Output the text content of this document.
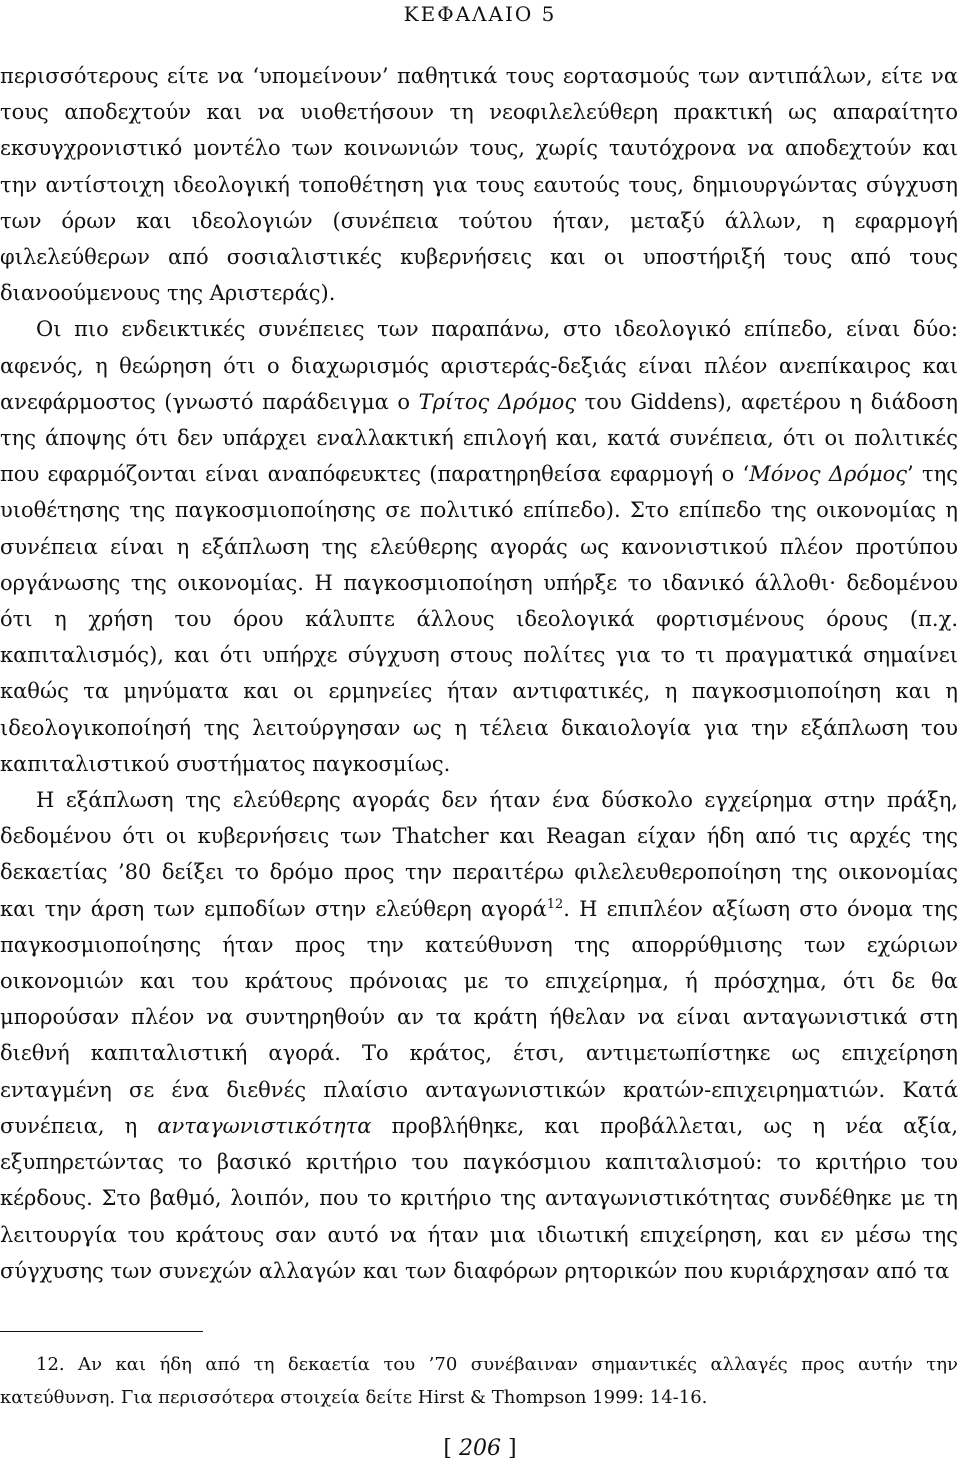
ΚΕΦΑΛΑΙΟ 5

περισσότερους είτε να ‘υπομείνουν’ παθητικά τους εορτασμούς των αντιπάλων, είτε να τους αποδεχτούν και να υιοθετήσουν τη νεοφιλελεύθερη πρακτική ως απαραίτητο εκσυγχρονιστικό μοντέλο των κοινωνιών τους, χωρίς ταυτόχρονα να αποδεχτούν και την αντίστοιχη ιδεολογική τοποθέτηση για τους εαυτούς τους, δημιουργώντας σύγχυση των όρων και ιδεολογιών (συνέπεια τούτου ήταν, μεταξύ άλλων, η εφαρμογή φιλελεύθερων από σοσιαλιστικές κυβερνήσεις και οι υποστήριξή τους από τους διανοούμενους της Αριστεράς).

Οι πιο ενδεικτικές συνέπειες των παραπάνω, στο ιδεολογικό επίπεδο, είναι δύο: αφενός, η θεώρηση ότι ο διαχωρισμός αριστεράς-δεξιάς είναι πλέον ανεπίκαιρος και ανεφάρμοστος (γνωστό παράδειγμα ο Τρίτος Δρόμος του Giddens), αφετέρου η διάδοση της άποψης ότι δεν υπάρχει εναλλακτική επιλογή και, κατά συνέπεια, ότι οι πολιτικές που εφαρμόζονται είναι αναπόφευκτες (παρατηρηθείσα εφαρμογή ο ‘Μόνος Δρόμος’ της υιοθέτησης της παγκοσμιοποίησης σε πολιτικό επίπεδο). Στο επίπεδο της οικονομίας η συνέπεια είναι η εξάπλωση της ελεύθερης αγοράς ως κανονιστικού πλέον προτύπου οργάνωσης της οικονομίας. Η παγκοσμιοποίηση υπήρξε το ιδανικό άλλοθι· δεδομένου ότι η χρήση του όρου κάλυπτε άλλους ιδεολογικά φορτισμένους όρους (π.χ. καπιταλισμός), και ότι υπήρχε σύγχυση στους πολίτες για το τι πραγματικά σημαίνει καθώς τα μηνύματα και οι ερμηνείες ήταν αντιφατικές, η παγκοσμιοποίηση και η ιδεολογικοποίησή της λειτούργησαν ως η τέλεια δικαιολογία για την εξάπλωση του καπιταλιστικού συστήματος παγκοσμίως.

Η εξάπλωση της ελεύθερης αγοράς δεν ήταν ένα δύσκολο εγχείρημα στην πράξη, δεδομένου ότι οι κυβερνήσεις των Thatcher και Reagan είχαν ήδη από τις αρχές της δεκαετίας ’80 δείξει το δρόμο προς την περαιτέρω φιλελευθεροποίηση της οικονομίας και την άρση των εμποδίων στην ελεύθερη αγορά$^{12}$. Η επιπλέον αξίωση στο όνομα της παγκοσμιοποίησης ήταν προς την κατεύθυνση της απορρύθμισης των εχώριων οικονομιών και του κράτους πρόνοιας με το επιχείρημα, ή πρόσχημα, ότι δε θα μπορούσαν πλέον να συντηρηθούν αν τα κράτη ήθελαν να είναι ανταγωνιστικά στη διεθνή καπιταλιστική αγορά. Το κράτος, έτσι, αντιμετωπίστηκε ως επιχείρηση ενταγμένη σε ένα διεθνές πλαίσιο ανταγωνιστικών κρατών-επιχειρηματιών. Κατά συνέπεια, η ανταγωνιστικότητα προβλήθηκε, και προβάλλεται, ως η νέα αξία, εξυπηρετώντας το βασικό κριτήριο του παγκόσμιου καπιταλισμού: το κριτήριο του κέρδους. Στο βαθμό, λοιπόν, που το κριτήριο της ανταγωνιστικότητας συνδέθηκε με τη λειτουργία του κράτους σαν αυτό να ήταν μια ιδιωτική επιχείρηση, και εν μέσω της σύγχυσης των συνεχών αλλαγών και των διαφόρων ρητορικών που κυριάρχησαν από τα

12. Αν και ήδη από τη δεκαετία του ’70 συνέβαιναν σημαντικές αλλαγές προς αυτήν την κατεύθυνση. Για περισσότερα στοιχεία δείτε Hirst & Thompson 1999: 14-16.

[ 206 ]
